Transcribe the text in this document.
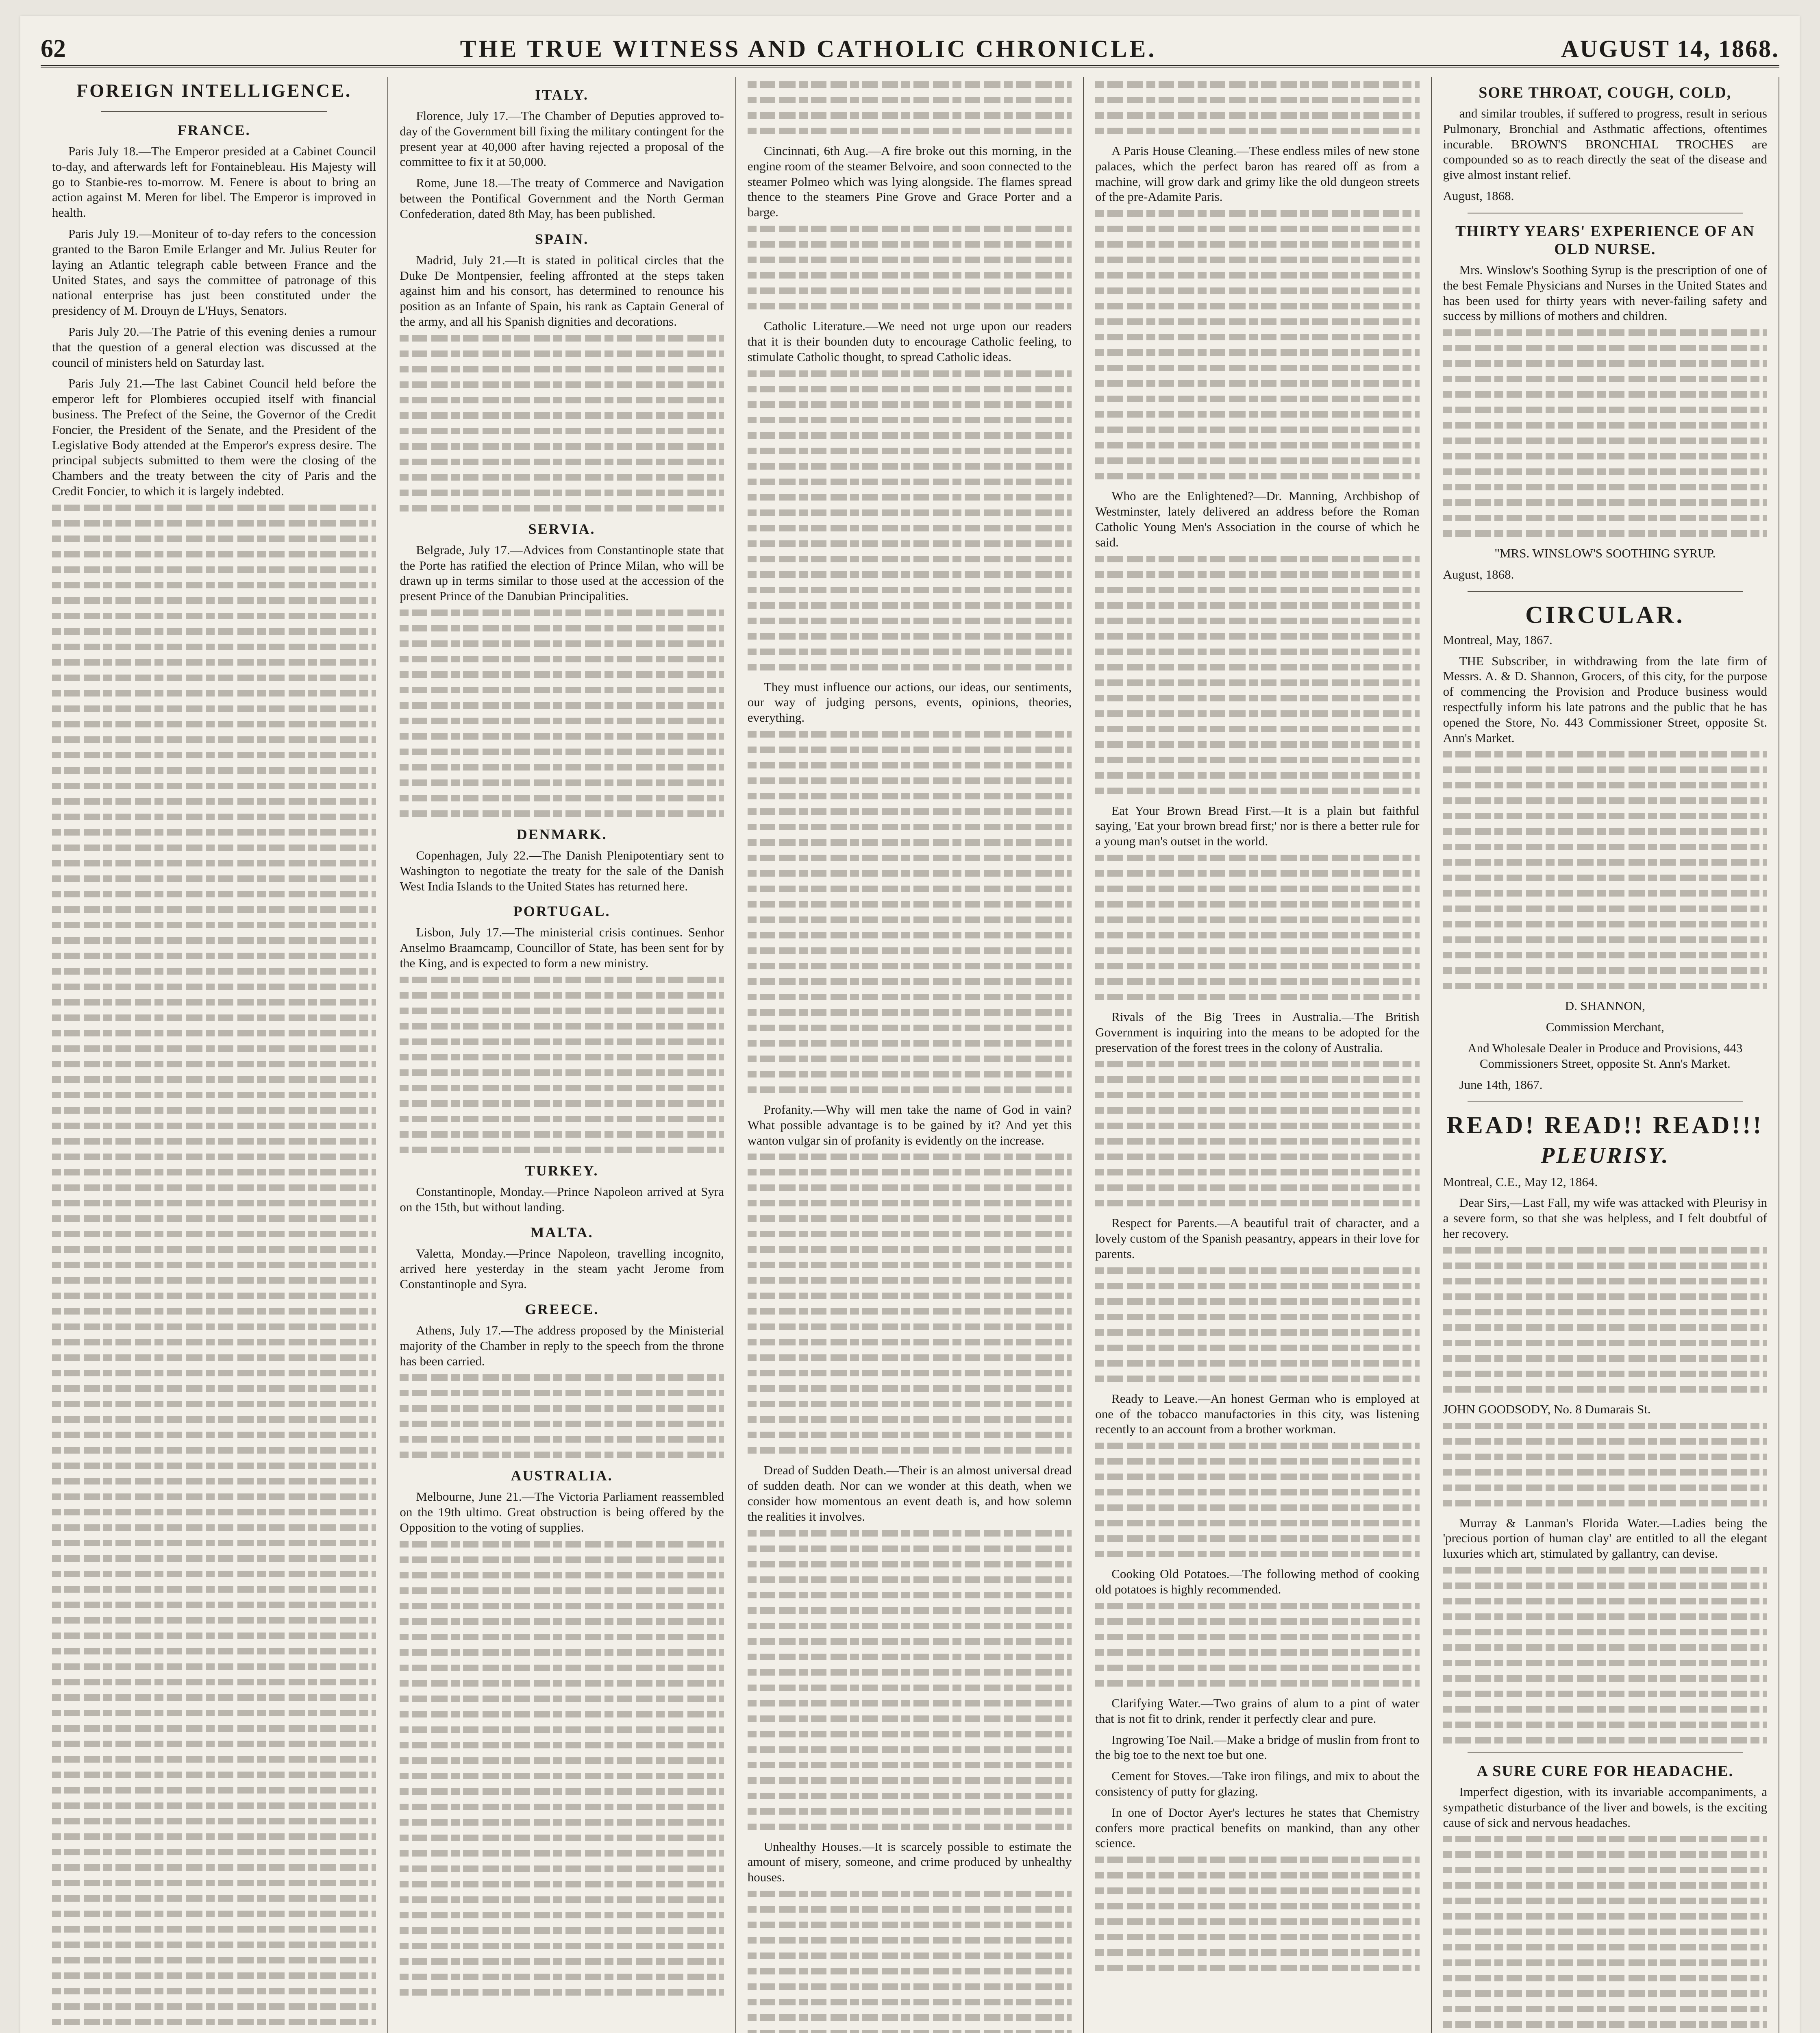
62	THE TRUE WITNESS AND CATHOLIC CHRONICLE.	AUGUST 14, 1868.
FOREIGN INTELLIGENCE.
FRANCE.

Paris July 18.—The Emperor presided at a Cabinet Council to-day, and afterwards left for Fontainebleau. His Majesty will go to Stanbie-res to-morrow. M. Fenere is about to bring an action against M. Meren for libel. The Emperor is improved in health.

Paris July 19.—Moniteur of to-day refers to the concession granted to the Baron Emile Erlanger and Mr. Julius Reuter for laying an Atlantic telegraph cable between France and the United States, and says the committee of patronage of this national enterprise has just been constituted under the presidency of M. Drouyn de L'Huys, Senators.

Paris July 20.—The Patrie of this evening denies a rumour that the question of a general election was discussed at the council of ministers held on Saturday last.

Paris July 21.—The last Cabinet Council held before the emperor left for Plombieres occupied itself with financial business. The Prefect of the Seine, the Governor of the Credit Foncier, the President of the Senate, and the President of the Legislative Body attended at the Emperor's express desire. The principal subjects submitted to them were the closing of the Chambers and the treaty between the city of Paris and the Credit Foncier, to which it is largely indebted.

ITALY.

Florence, July 17.—The Chamber of Deputies approved to-day of the Government bill fixing the military contingent for the present year at 40,000 after having rejected a proposal of the committee to fix it at 50,000.

Rome, June 18.—The treaty of Commerce and Navigation between the Pontifical Government and the North German Confederation, dated 8th May, has been published.

SPAIN.

Madrid, July 21.—It is stated in political circles that the Duke De Montpensier, feeling affronted at the steps taken against him and his consort, has determined to renounce his position as an Infante of Spain, his rank as Captain General of the army, and all his Spanish dignities and decorations.

SERVIA.

Belgrade, July 17.—Advices from Constantinople state that the Porte has ratified the election of Prince Milan, who will be drawn up in terms similar to those used at the accession of the present Prince of the Danubian Principalities.

DENMARK.

Copenhagen, July 22.—The Danish Plenipotentiary sent to Washington to negotiate the treaty for the sale of the Danish West India Islands to the United States has returned here.

PORTUGAL.

Lisbon, July 17.—The ministerial crisis continues. Senhor Anselmo Braamcamp, Councillor of State, has been sent for by the King, and is expected to form a new ministry.

TURKEY.

Constantinople, Monday.—Prince Napoleon arrived at Syra on the 15th, but without landing.

MALTA.

Valetta, Monday.—Prince Napoleon, travelling incognito, arrived here yesterday in the steam yacht Jerome from Constantinople and Syra.

GREECE.

Athens, July 17.—The address proposed by the Ministerial majority of the Chamber in reply to the speech from the throne has been carried.

AUSTRALIA.

Melbourne, June 21.—The Victoria Parliament reassembled on the 19th ultimo. Great obstruction is being offered by the Opposition to the voting of supplies.

Cincinnati, 6th Aug.—A fire broke out this morning, in the engine room of the steamer Belvoire, and soon connected to the steamer Polmeo which was lying alongside. The flames spread thence to the steamers Pine Grove and Grace Porter and a barge.

Catholic Literature.—We need not urge upon our readers that it is their bounden duty to encourage Catholic feeling, to stimulate Catholic thought, to spread Catholic ideas.

They must influence our actions, our ideas, our sentiments, our way of judging persons, events, opinions, theories, everything.

Profanity.—Why will men take the name of God in vain? What possible advantage is to be gained by it? And yet this wanton vulgar sin of profanity is evidently on the increase.

Dread of Sudden Death.—Their is an almost universal dread of sudden death. Nor can we wonder at this death, when we consider how momentous an event death is, and how solemn the realities it involves.

Unhealthy Houses.—It is scarcely possible to estimate the amount of misery, someone, and crime produced by unhealthy houses.

A Paris House Cleaning.—These endless miles of new stone palaces, which the perfect baron has reared off as from a machine, will grow dark and grimy like the old dungeon streets of the pre-Adamite Paris.

Who are the Enlightened?—Dr. Manning, Archbishop of Westminster, lately delivered an address before the Roman Catholic Young Men's Association in the course of which he said.

Eat Your Brown Bread First.—It is a plain but faithful saying, 'Eat your brown bread first;' nor is there a better rule for a young man's outset in the world.

Rivals of the Big Trees in Australia.—The British Government is inquiring into the means to be adopted for the preservation of the forest trees in the colony of Australia.

Respect for Parents.—A beautiful trait of character, and a lovely custom of the Spanish peasantry, appears in their love for parents.

Ready to Leave.—An honest German who is employed at one of the tobacco manufactories in this city, was listening recently to an account from a brother workman.

Cooking Old Potatoes.—The following method of cooking old potatoes is highly recommended.

Clarifying Water.—Two grains of alum to a pint of water that is not fit to drink, render it perfectly clear and pure.

Ingrowing Toe Nail.—Make a bridge of muslin from front to the big toe to the next toe but one.

Cement for Stoves.—Take iron filings, and mix to about the consistency of putty for glazing.

In one of Doctor Ayer's lectures he states that Chemistry confers more practical benefits on mankind, than any other science.

SORE THROAT, COUGH, COLD,

and similar troubles, if suffered to progress, result in serious Pulmonary, Bronchial and Asthmatic affections, oftentimes incurable. BROWN'S BRONCHIAL TROCHES are compounded so as to reach directly the seat of the disease and give almost instant relief.

August, 1868.

THIRTY YEARS' EXPERIENCE OF AN OLD NURSE.

Mrs. Winslow's Soothing Syrup is the prescription of one of the best Female Physicians and Nurses in the United States and has been used for thirty years with never-failing safety and success by millions of mothers and children.

"MRS. WINSLOW'S SOOTHING SYRUP.

August, 1868.

CIRCULAR.

Montreal, May, 1867.

THE Subscriber, in withdrawing from the late firm of Messrs. A. & D. Shannon, Grocers, of this city, for the purpose of commencing the Provision and Produce business would respectfully inform his late patrons and the public that he has opened the Store, No. 443 Commissioner Street, opposite St. Ann's Market.

D. SHANNON,

Commission Merchant,

And Wholesale Dealer in Produce and Provisions, 443 Commissioners Street, opposite St. Ann's Market.

June 14th, 1867.

READ! READ!! READ!!!
PLEURISY.

Montreal, C.E., May 12, 1864.

Dear Sirs,—Last Fall, my wife was attacked with Pleurisy in a severe form, so that she was helpless, and I felt doubtful of her recovery.

JOHN GOODSODY, No. 8 Dumarais St.

Murray & Lanman's Florida Water.—Ladies being the 'precious portion of human clay' are entitled to all the elegant luxuries which art, stimulated by gallantry, can devise.

A SURE CURE FOR HEADACHE.

Imperfect digestion, with its invariable accompaniments, a sympathetic disturbance of the liver and bowels, is the exciting cause of sick and nervous headaches.
